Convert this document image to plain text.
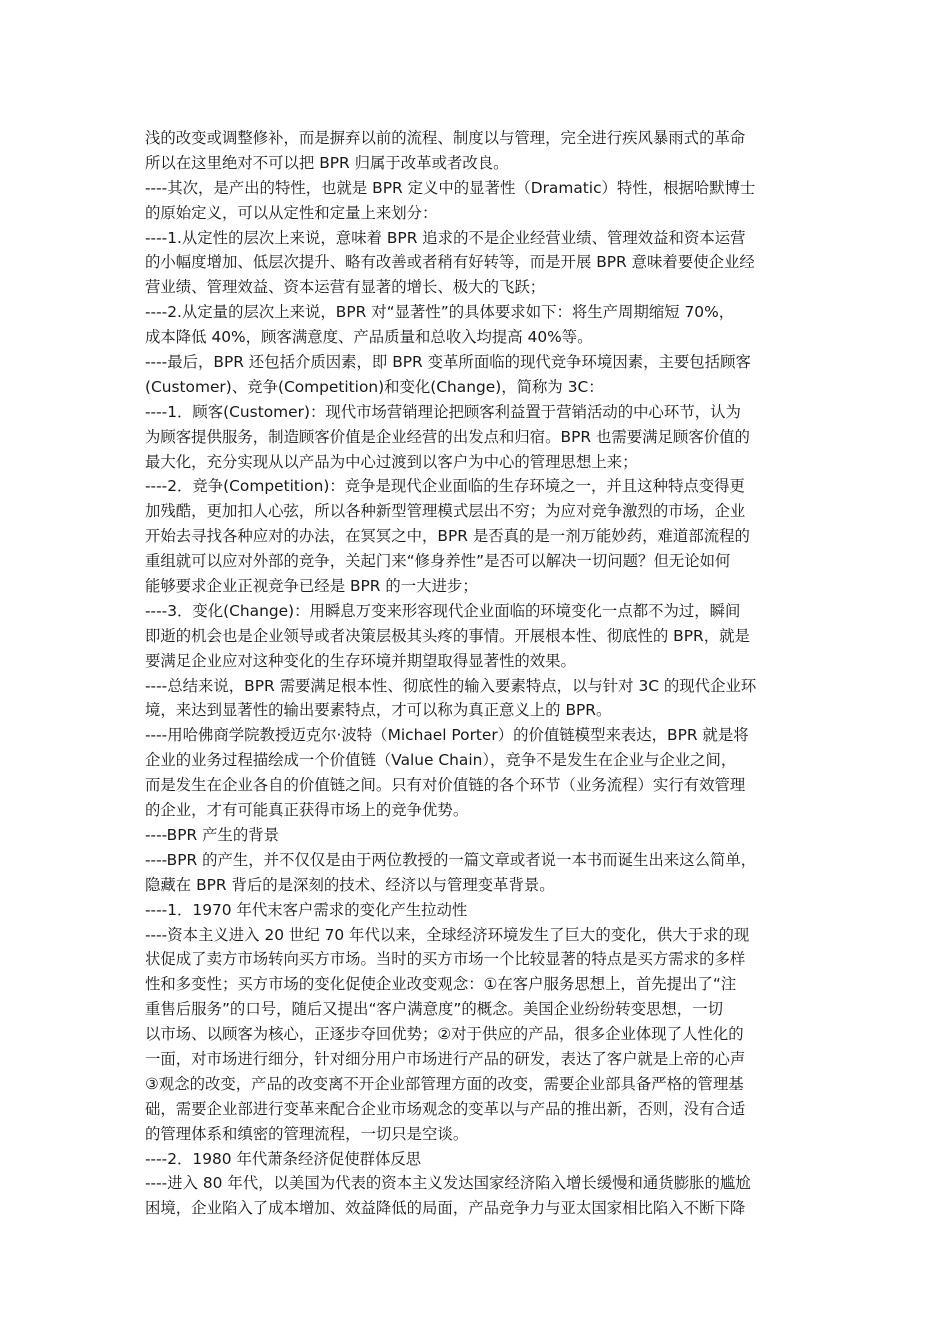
浅的改变或调整修补，而是摒弃以前的流程、制度以与管理，完全进行疾风暴雨式的革命
所以在这里绝对不可以把 BPR 归属于改革或者改良。
----其次，是产出的特性，也就是 BPR 定义中的显著性（Dramatic）特性，根据哈默博士
的原始定义，可以从定性和定量上来划分：
----1.从定性的层次上来说，意味着 BPR 追求的不是企业经营业绩、管理效益和资本运营
的小幅度增加、低层次提升、略有改善或者稍有好转等，而是开展 BPR 意味着要使企业经
营业绩、管理效益、资本运营有显著的增长、极大的飞跃；
----2.从定量的层次上来说，BPR 对“显著性”的具体要求如下：将生产周期缩短 70%，
成本降低 40%，顾客满意度、产品质量和总收入均提高 40%等。
----最后，BPR 还包括介质因素，即 BPR 变革所面临的现代竞争环境因素，主要包括顾客
(Customer)、竞争(Competition)和变化(Change)，简称为 3C：
----1．顾客(Customer)：现代市场营销理论把顾客利益置于营销活动的中心环节，认为
为顾客提供服务，制造顾客价值是企业经营的出发点和归宿。BPR 也需要满足顾客价值的
最大化，充分实现从以产品为中心过渡到以客户为中心的管理思想上来；
----2．竞争(Competition)：竞争是现代企业面临的生存环境之一，并且这种特点变得更
加残酷，更加扣人心弦，所以各种新型管理模式层出不穷；为应对竞争激烈的市场，企业
开始去寻找各种应对的办法，在冥冥之中，BPR 是否真的是一剂万能妙药，难道部流程的
重组就可以应对外部的竞争，关起门来“修身养性”是否可以解决一切问题？但无论如何
能够要求企业正视竞争已经是 BPR 的一大进步；
----3．变化(Change)：用瞬息万变来形容现代企业面临的环境变化一点都不为过，瞬间
即逝的机会也是企业领导或者决策层极其头疼的事情。开展根本性、彻底性的 BPR，就是
要满足企业应对这种变化的生存环境并期望取得显著性的效果。
----总结来说，BPR 需要满足根本性、彻底性的输入要素特点，以与针对 3C 的现代企业环
境，来达到显著性的输出要素特点，才可以称为真正意义上的 BPR。
----用哈佛商学院教授迈克尔·波特（Michael Porter）的价值链模型来表达，BPR 就是将
企业的业务过程描绘成一个价值链（Value Chain），竞争不是发生在企业与企业之间，
而是发生在企业各自的价值链之间。只有对价值链的各个环节（业务流程）实行有效管理
的企业，才有可能真正获得市场上的竞争优势。
----BPR 产生的背景
----BPR 的产生，并不仅仅是由于两位教授的一篇文章或者说一本书而诞生出来这么简单，
隐藏在 BPR 背后的是深刻的技术、经济以与管理变革背景。
----1．1970 年代末客户需求的变化产生拉动性
----资本主义进入 20 世纪 70 年代以来，全球经济环境发生了巨大的变化，供大于求的现
状促成了卖方市场转向买方市场。当时的买方市场一个比较显著的特点是买方需求的多样
性和多变性；买方市场的变化促使企业改变观念：①在客户服务思想上，首先提出了“注
重售后服务”的口号，随后又提出“客户满意度”的概念。美国企业纷纷转变思想，一切
以市场、以顾客为核心，正逐步夺回优势；②对于供应的产品，很多企业体现了人性化的
一面，对市场进行细分，针对细分用户市场进行产品的研发，表达了客户就是上帝的心声
③观念的改变，产品的改变离不开企业部管理方面的改变，需要企业部具备严格的管理基
础，需要企业部进行变革来配合企业市场观念的变革以与产品的推出新，否则，没有合适
的管理体系和缜密的管理流程，一切只是空谈。
----2．1980 年代萧条经济促使群体反思
----进入 80 年代，以美国为代表的资本主义发达国家经济陷入增长缓慢和通货膨胀的尴尬
困境，企业陷入了成本增加、效益降低的局面，产品竞争力与亚太国家相比陷入不断下降
